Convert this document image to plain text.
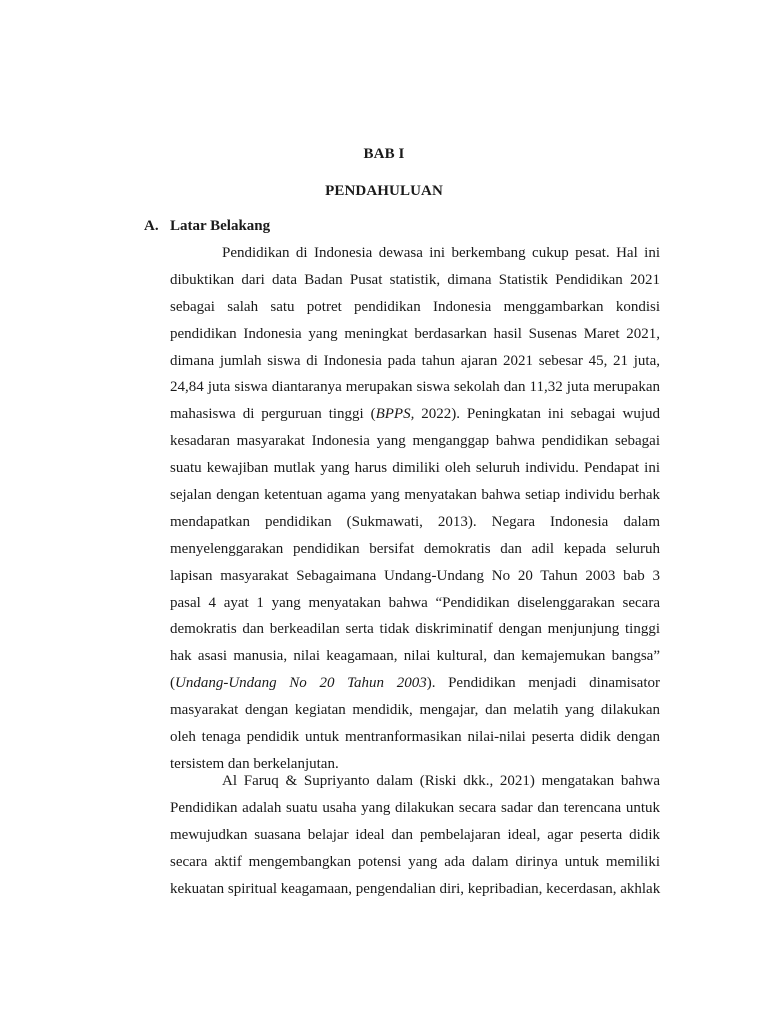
BAB I
PENDAHULUAN
A. Latar Belakang
Pendidikan di Indonesia dewasa ini berkembang cukup pesat. Hal ini
dibuktikan dari data Badan Pusat statistik, dimana Statistik Pendidikan 2021
sebagai salah satu potret pendidikan Indonesia menggambarkan kondisi
pendidikan Indonesia yang meningkat berdasarkan hasil Susenas Maret 2021,
dimana jumlah siswa di Indonesia pada tahun ajaran 2021 sebesar 45, 21 juta,
24,84 juta siswa diantaranya merupakan siswa sekolah dan 11,32 juta merupakan
mahasiswa di perguruan tinggi (BPPS, 2022). Peningkatan ini sebagai wujud
kesadaran masyarakat Indonesia yang menganggap bahwa pendidikan sebagai
suatu kewajiban mutlak yang harus dimiliki oleh seluruh individu. Pendapat ini
sejalan dengan ketentuan agama yang menyatakan bahwa setiap individu berhak
mendapatkan pendidikan (Sukmawati, 2013). Negara Indonesia dalam
menyelenggarakan pendidikan bersifat demokratis dan adil kepada seluruh
lapisan masyarakat Sebagaimana Undang-Undang No 20 Tahun 2003 bab 3
pasal 4 ayat 1 yang menyatakan bahwa “Pendidikan diselenggarakan secara
demokratis dan berkeadilan serta tidak diskriminatif dengan menjunjung tinggi
hak asasi manusia, nilai keagamaan, nilai kultural, dan kemajemukan bangsa”
(Undang-Undang No 20 Tahun 2003). Pendidikan menjadi dinamisator
masyarakat dengan kegiatan mendidik, mengajar, dan melatih yang dilakukan
oleh tenaga pendidik untuk mentranformasikan nilai-nilai peserta didik dengan
tersistem dan berkelanjutan.
Al Faruq & Supriyanto dalam (Riski dkk., 2021) mengatakan bahwa
Pendidikan adalah suatu usaha yang dilakukan secara sadar dan terencana untuk
mewujudkan suasana belajar ideal dan pembelajaran ideal, agar peserta didik
secara aktif mengembangkan potensi yang ada dalam dirinya untuk memiliki
kekuatan spiritual keagamaan, pengendalian diri, kepribadian, kecerdasan, akhlak
